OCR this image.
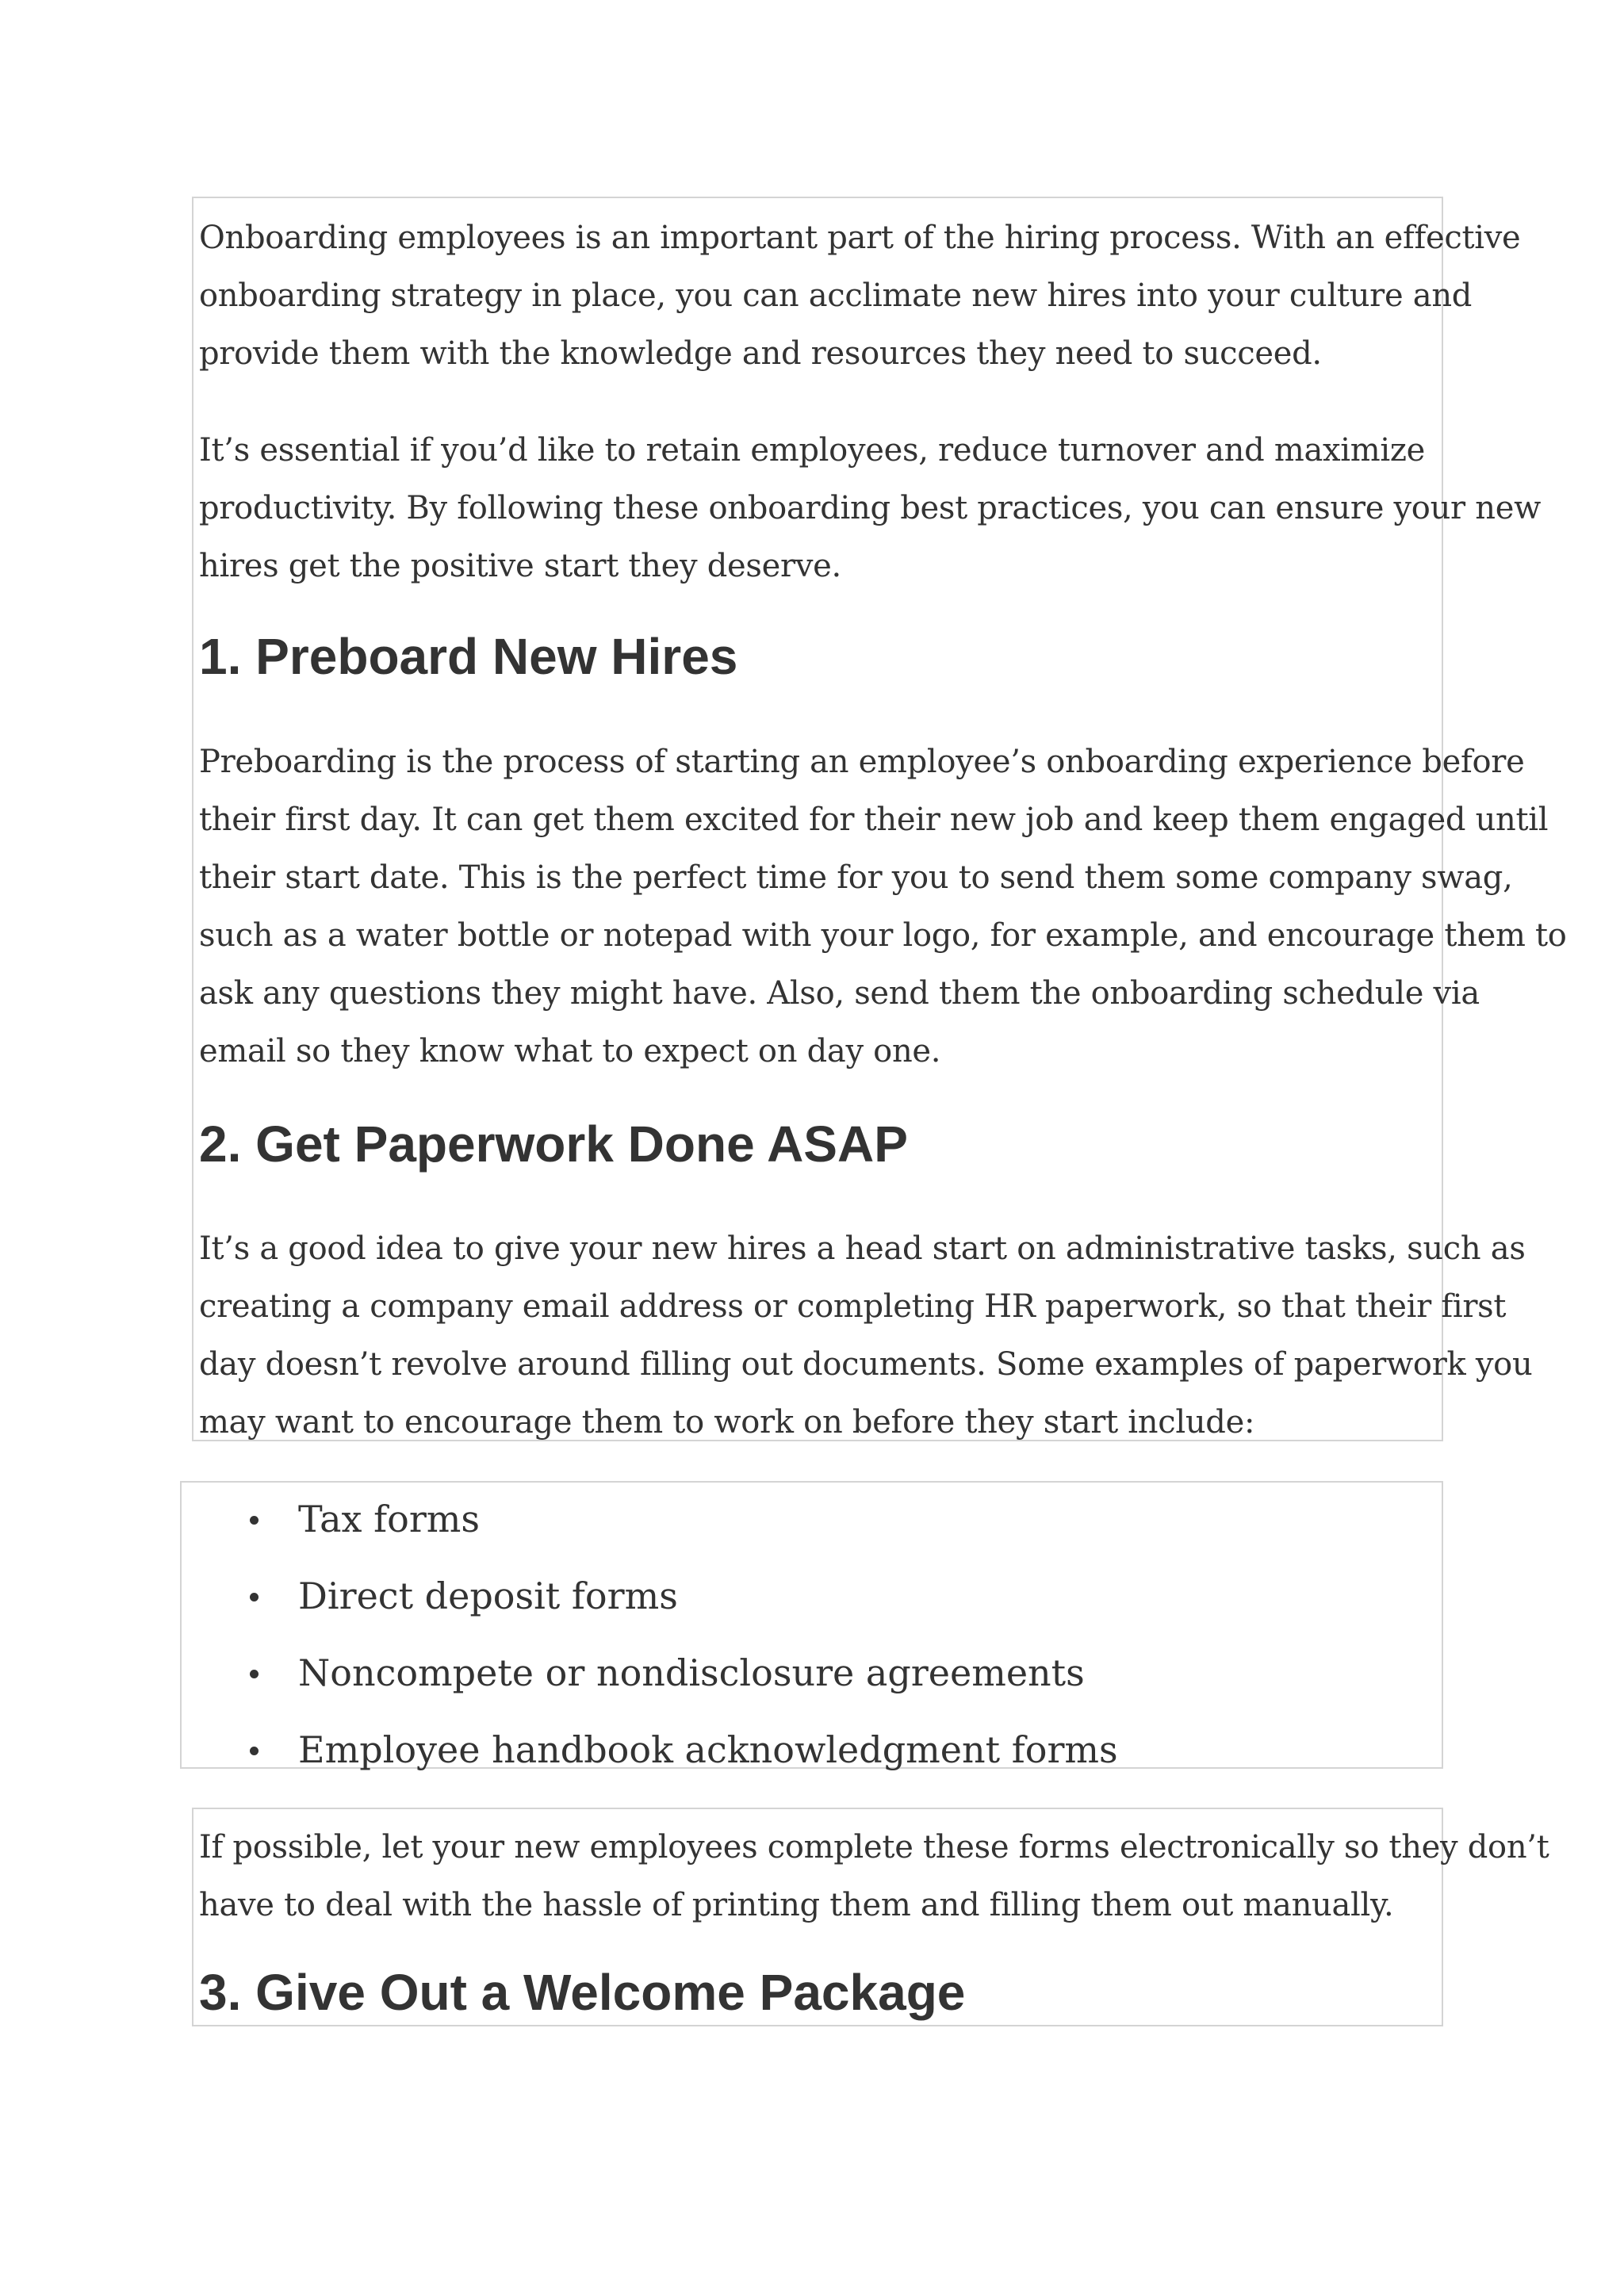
Onboarding employees is an important part of the hiring process. With an effective
onboarding strategy in place, you can acclimate new hires into your culture and
provide them with the knowledge and resources they need to succeed.

It’s essential if you’d like to retain employees, reduce turnover and maximize
productivity. By following these onboarding best practices, you can ensure your new
hires get the positive start they deserve.

1. Preboard New Hires

Preboarding is the process of starting an employee’s onboarding experience before
their first day. It can get them excited for their new job and keep them engaged until
their start date. This is the perfect time for you to send them some company swag,
such as a water bottle or notepad with your logo, for example, and encourage them to
ask any questions they might have. Also, send them the onboarding schedule via
email so they know what to expect on day one.

2. Get Paperwork Done ASAP

It’s a good idea to give your new hires a head start on administrative tasks, such as
creating a company email address or completing HR paperwork, so that their first
day doesn’t revolve around filling out documents. Some examples of paperwork you
may want to encourage them to work on before they start include:

Tax forms
Direct deposit forms
Noncompete or nondisclosure agreements
Employee handbook acknowledgment forms

If possible, let your new employees complete these forms electronically so they don’t
have to deal with the hassle of printing them and filling them out manually.

3. Give Out a Welcome Package
